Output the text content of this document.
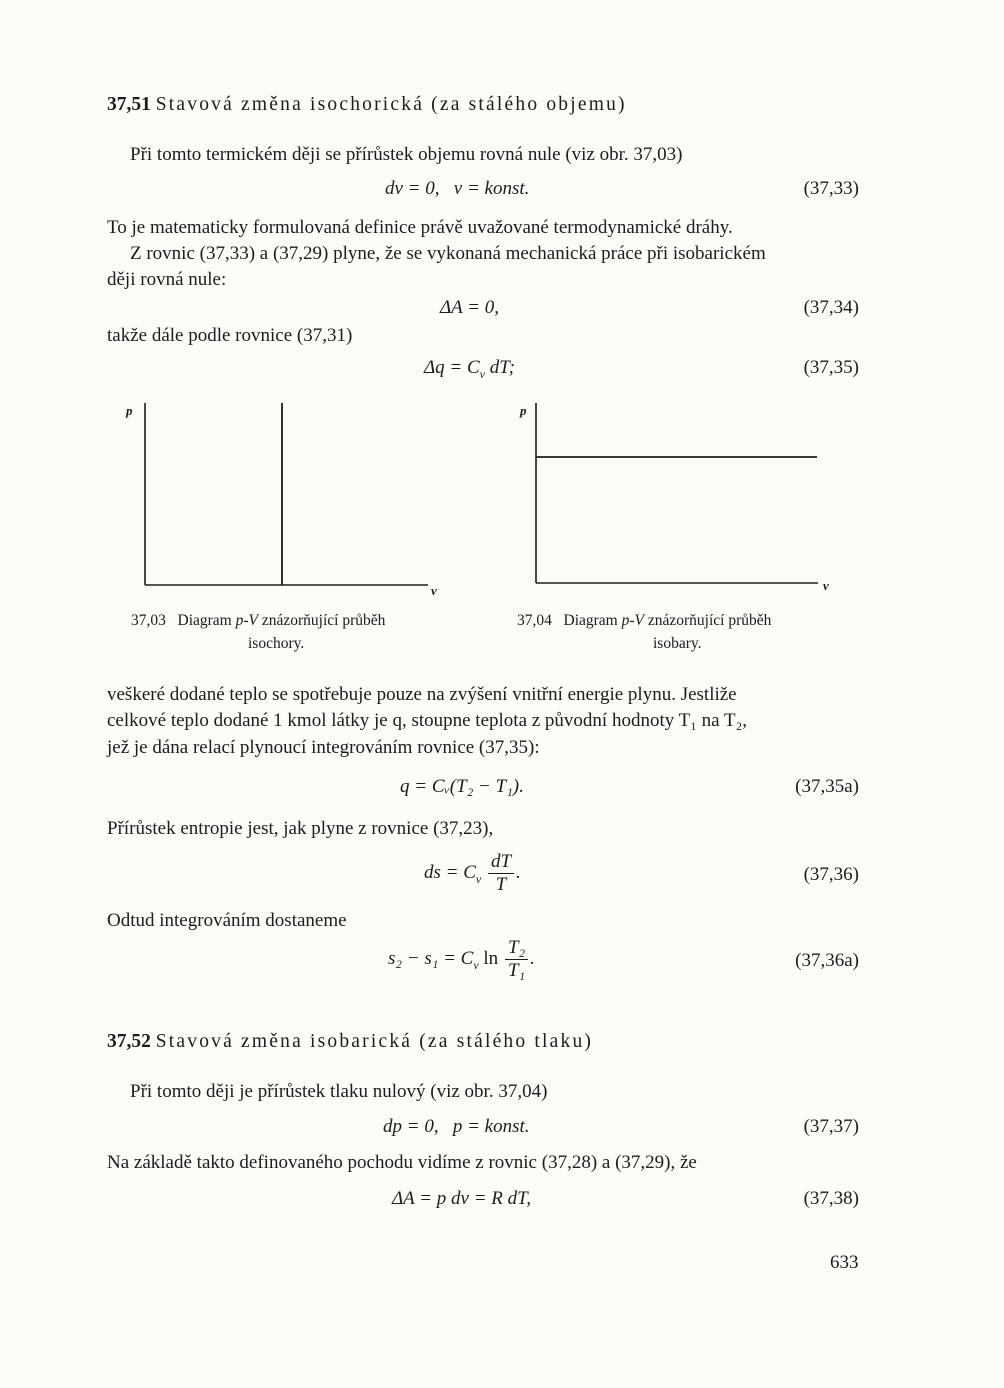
37,51 Stavová změna isochorická (za stálého objemu)
Při tomto termickém ději se přírůstek objemu rovná nule (viz obr. 37,03)
dv = 0, v = konst.	(37,33)
To je matematicky formulovaná definice právě uvažované termodynamické dráhy.
Z rovnic (37,33) a (37,29) plyne, že se vykonaná mechanická práce při isobarickém
ději rovná nule:
ΔA = 0,	(37,34)
takže dále podle rovnice (37,31)
$\Delta q = C_v$ dT;	(37,35)
p
v
37,03 Diagram p-V znázorňující průběh
isochory.
p
v
37,04 Diagram p-V znázorňující průběh
isobary.
veškeré dodané teplo se spotřebuje pouze na zvýšení vnitřní energie plynu. Jestliže
celkové teplo dodané 1 kmol látky je q, stoupne teplota z původní hodnoty T₁ na T₂,
jež je dána relací plynoucí integrováním rovnice (37,35):
q = Cᵥ(T₂ − T₁).	(37,35a)
Přírůstek entropie jest, jak plyne z rovnice (37,23),
ds = $C_v \frac{dT}{T}$ .	(37,36)
Odtud integrováním dostaneme
$s_2 - s_1 = C_v$ $\ln \frac{\text{T₂}}{\text{T₁}}$ .	(37,36a)
37,52 Stavová změna isobarická (za stálého tlaku)
Při tomto ději je přírůstek tlaku nulový (viz obr. 37,04)
dp = 0, p = konst.	(37,37)
Na základě takto definovaného pochodu vidíme z rovnic (37,28) a (37,29), že
ΔA = p dv = R dT,	(37,38)
633
